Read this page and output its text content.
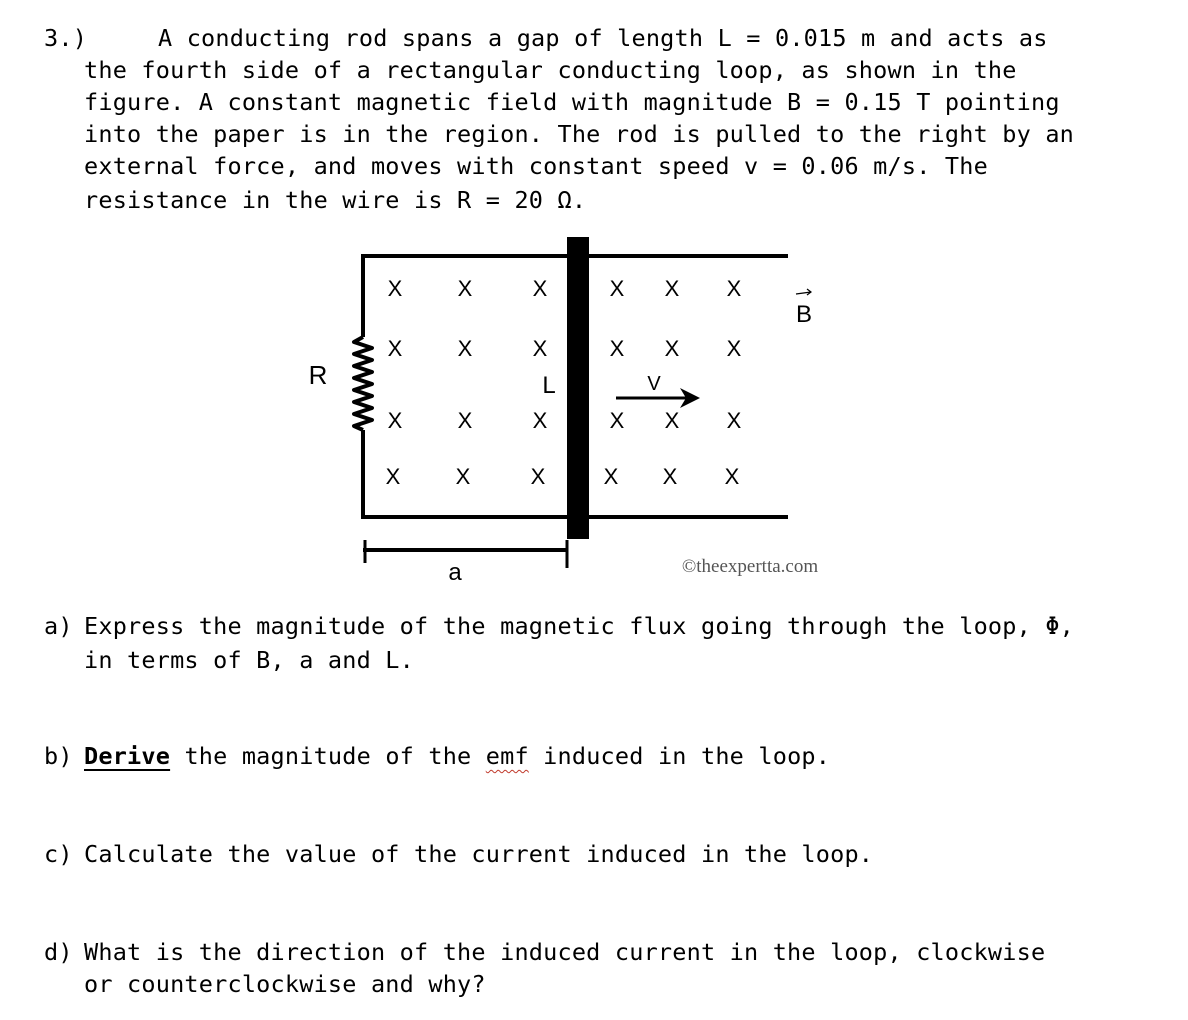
3.)	A conducting rod spans a gap of length L = 0.015 m and acts as
the fourth side of a rectangular conducting loop, as shown in the
figure. A constant magnetic field with magnitude B = 0.15 T pointing
into the paper is in the region. The rod is pulled to the right by an
external force, and moves with constant speed v = 0.06 m/s. The
resistance in the wire is R = 20 Ω.
X	X	X	X X X
X	X	X	X X X
X	X	X	X X X
X	X	X	X X X
R	L	V
a
B
©theexpertta.com
a) Express the magnitude of the magnetic flux going through the loop, Φ,
in terms of B, a and L.
b) Derive the magnitude of the emf induced in the loop.
c) Calculate the value of the current induced in the loop.
d) What is the direction of the induced current in the loop, clockwise
or counterclockwise and why?
